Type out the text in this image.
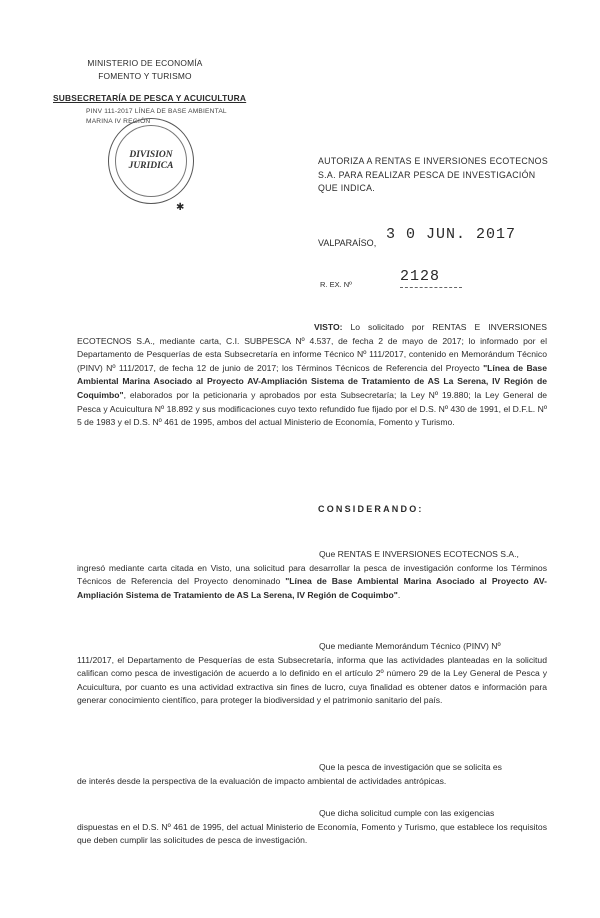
MINISTERIO DE ECONOMÍA
FOMENTO Y TURISMO
SUBSECRETARÍA DE PESCA Y ACUICULTURA
PINV 111-2017 LÍNEA DE BASE AMBIENTAL
MARINA IV REGIÓN
DIVISION
JURIDICA
✱
AUTORIZA A RENTAS E INVERSIONES ECOTECNOS
S.A. PARA REALIZAR PESCA DE INVESTIGACIÓN
QUE INDICA.
VALPARAÍSO, 3 0 JUN. 2017
R. EX. Nº	2128
VISTO: Lo solicitado por RENTAS E INVERSIONES ECOTECNOS S.A., mediante carta, C.I. SUBPESCA Nº 4.537, de fecha 2 de mayo de 2017; lo informado por el Departamento de Pesquerías de esta Subsecretaría en informe Técnico Nº 111/2017, contenido en Memorándum Técnico (PINV) Nº 111/2017, de fecha 12 de junio de 2017; los Términos Técnicos de Referencia del Proyecto "Línea de Base Ambiental Marina Asociado al Proyecto AV-Ampliación Sistema de Tratamiento de AS La Serena, IV Región de Coquimbo", elaborados por la peticionaria y aprobados por esta Subsecretaría; la Ley Nº 19.880; la Ley General de Pesca y Acuicultura Nº 18.892 y sus modificaciones cuyo texto refundido fue fijado por el D.S. Nº 430 de 1991, el D.F.L. Nº 5 de 1983 y el D.S. Nº 461 de 1995, ambos del actual Ministerio de Economía, Fomento y Turismo.
CONSIDERANDO:
Que RENTAS E INVERSIONES ECOTECNOS S.A.,
ingresó mediante carta citada en Visto, una solicitud para desarrollar la pesca de investigación conforme los Términos Técnicos de Referencia del Proyecto denominado "Línea de Base Ambiental Marina Asociado al Proyecto AV-Ampliación Sistema de Tratamiento de AS La Serena, IV Región de Coquimbo".
Que mediante Memorándum Técnico (PINV) Nº
111/2017, el Departamento de Pesquerías de esta Subsecretaría, informa que las actividades planteadas en la solicitud califican como pesca de investigación de acuerdo a lo definido en el artículo 2º número 29 de la Ley General de Pesca y Acuicultura, por cuanto es una actividad extractiva sin fines de lucro, cuya finalidad es obtener datos e información para generar conocimiento científico, para proteger la biodiversidad y el patrimonio sanitario del país.
Que la pesca de investigación que se solicita es
de interés desde la perspectiva de la evaluación de impacto ambiental de actividades antrópicas.
Que dicha solicitud cumple con las exigencias
dispuestas en el D.S. Nº 461 de 1995, del actual Ministerio de Economía, Fomento y Turismo, que establece los requisitos que deben cumplir las solicitudes de pesca de investigación.
